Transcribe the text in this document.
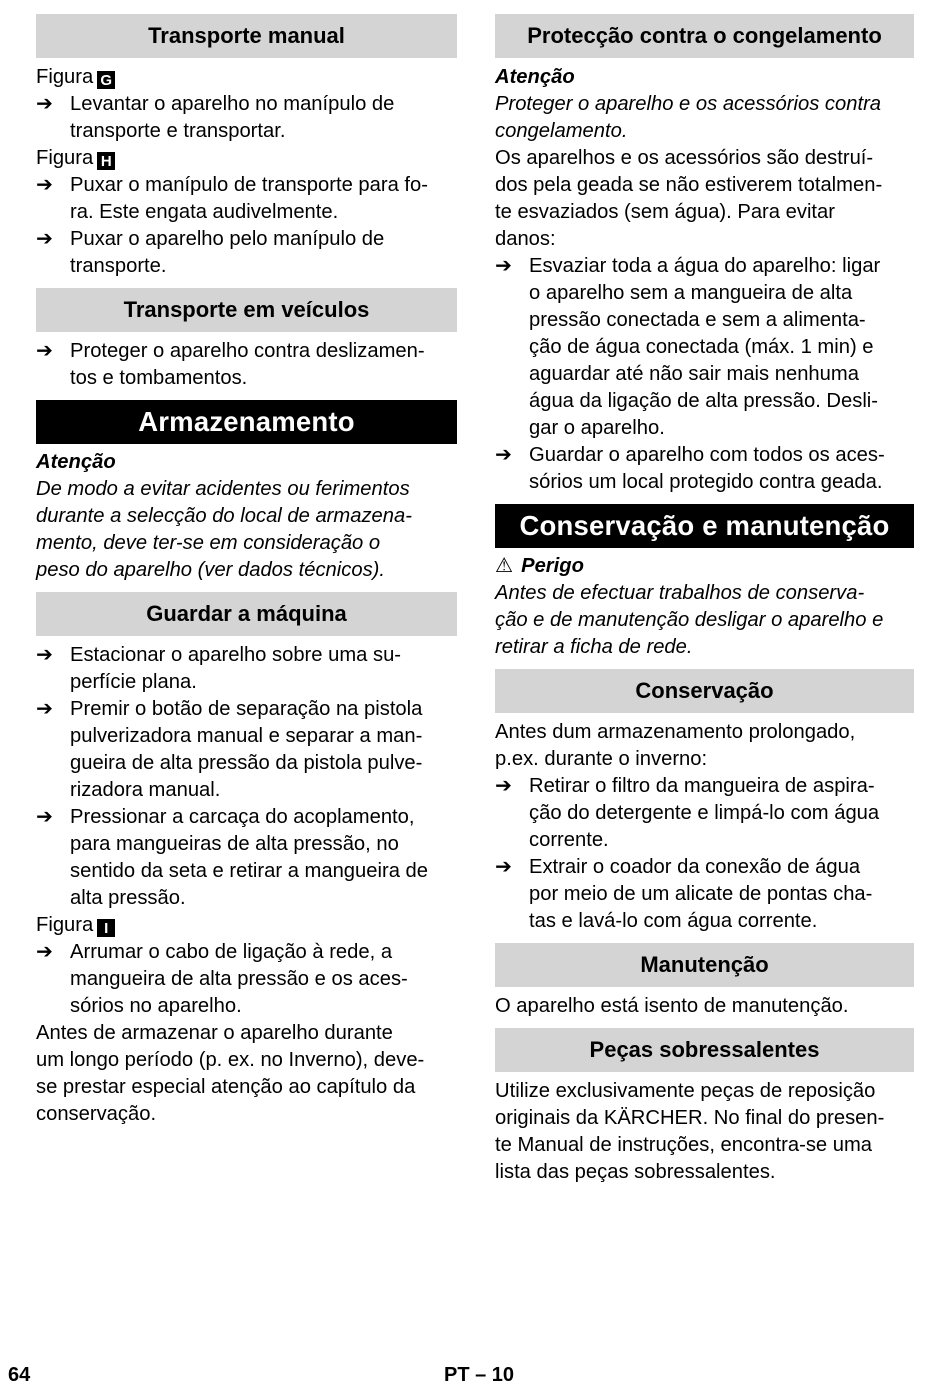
Transporte manual

Figura G

➔ Levantar o aparelho no manípulo de
transporte e transportar.

Figura H

➔ Puxar o manípulo de transporte para fo-
ra. Este engata audivelmente.
➔ Puxar o aparelho pelo manípulo de
transporte.
Transporte em veículos
➔ Proteger o aparelho contra deslizamen-
tos e tombamentos.
Armazenamento

Atenção

De modo a evitar acidentes ou ferimentos

durante a selecção do local de armazena-

mento, deve ter-se em consideração o

peso do aparelho (ver dados técnicos).

Guardar a máquina
➔ Estacionar o aparelho sobre uma su-
perfície plana.
➔ Premir o botão de separação na pistola
pulverizadora manual e separar a man-
gueira de alta pressão da pistola pulve-
rizadora manual.
➔ Pressionar a carcaça do acoplamento,
para mangueiras de alta pressão, no
sentido da seta e retirar a mangueira de
alta pressão.

Figura I

➔ Arrumar o cabo de ligação à rede, a
mangueira de alta pressão e os aces-
sórios no aparelho.

Antes de armazenar o aparelho durante

um longo período (p. ex. no Inverno), deve-

se prestar especial atenção ao capítulo da

conservação.

Protecção contra o congelamento

Atenção

Proteger o aparelho e os acessórios contra

congelamento.

Os aparelhos e os acessórios são destruí-

dos pela geada se não estiverem totalmen-

te esvaziados (sem água). Para evitar

danos:

➔ Esvaziar toda a água do aparelho: ligar
o aparelho sem a mangueira de alta
pressão conectada e sem a alimenta-
ção de água conectada (máx. 1 min) e
aguardar até não sair mais nenhuma
água da ligação de alta pressão. Desli-
gar o aparelho.
➔ Guardar o aparelho com todos os aces-
sórios um local protegido contra geada.
Conservação e manutenção

⚠ Perigo

Antes de efectuar trabalhos de conserva-

ção e de manutenção desligar o aparelho e

retirar a ficha de rede.

Conservação

Antes dum armazenamento prolongado,

p.ex. durante o inverno:

➔ Retirar o filtro da mangueira de aspira-
ção do detergente e limpá-lo com água
corrente.
➔ Extrair o coador da conexão de água
por meio de um alicate de pontas cha-
tas e lavá-lo com água corrente.
Manutenção

O aparelho está isento de manutenção.

Peças sobressalentes

Utilize exclusivamente peças de reposição

originais da KÄRCHER. No final do presen-

te Manual de instruções, encontra-se uma

lista das peças sobressalentes.

64	PT – 10
